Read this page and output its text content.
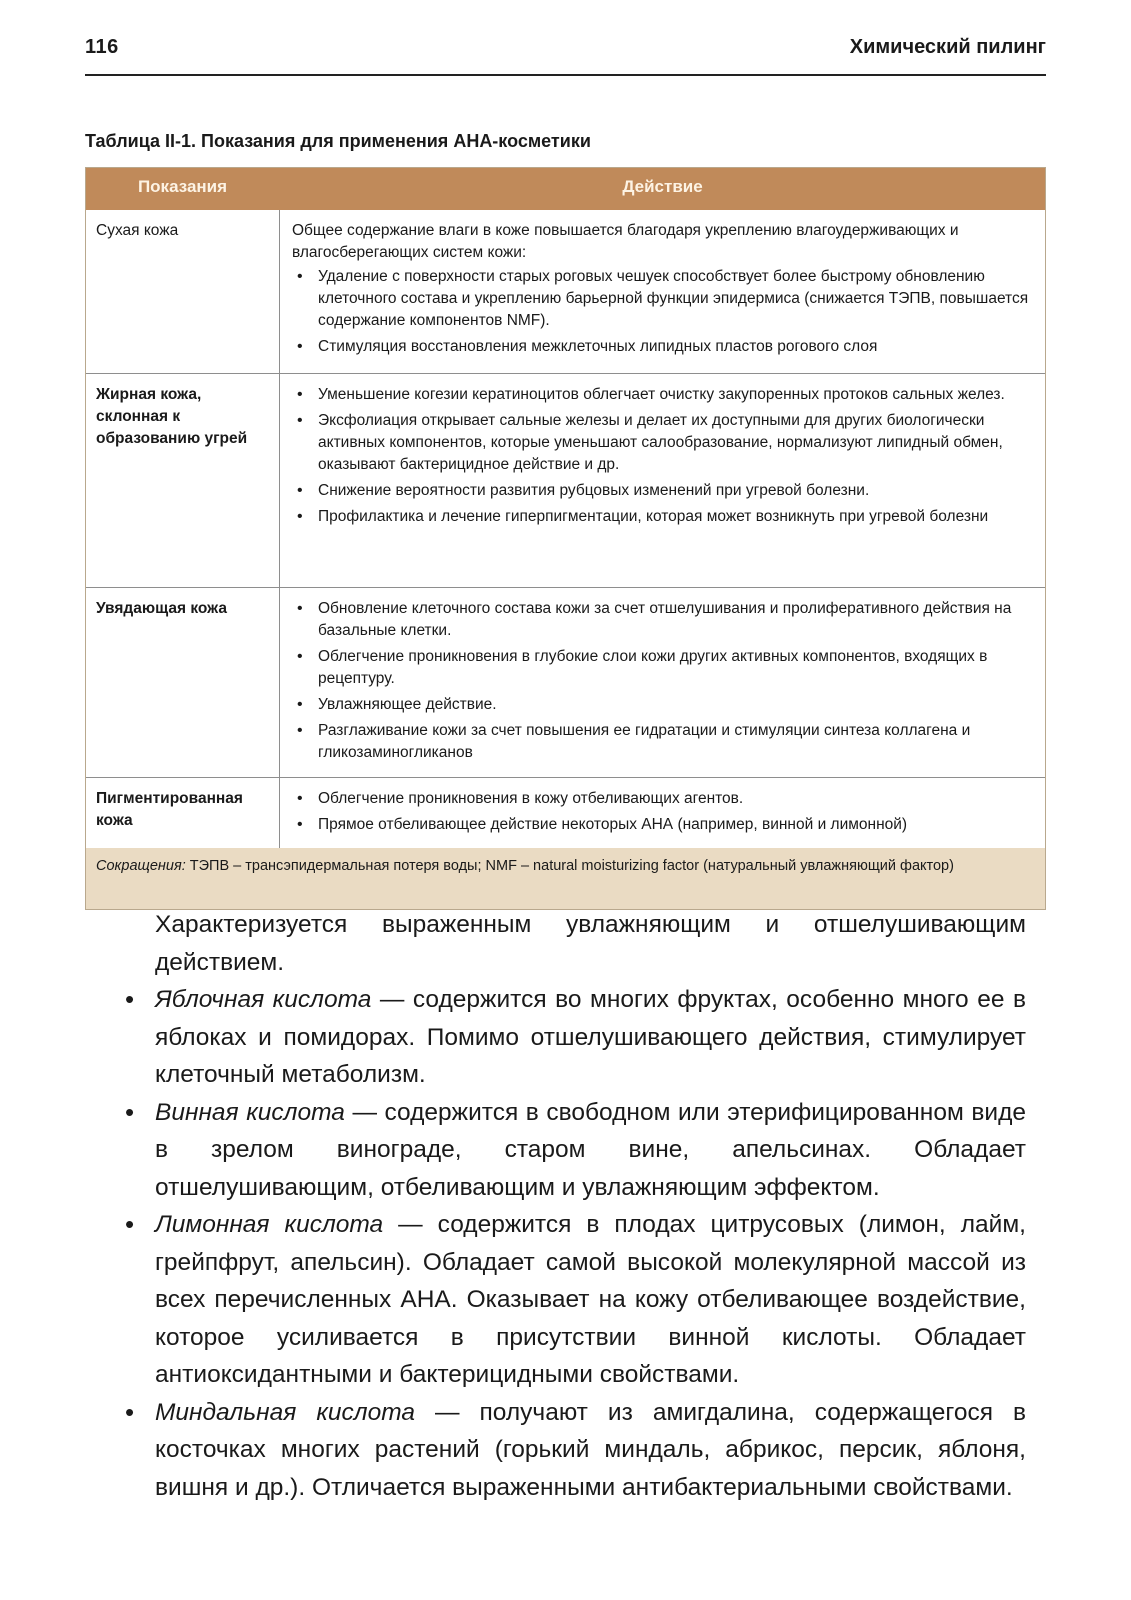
116	Химический пилинг
Таблица II-1. Показания для применения АНА-косметики
Показания	Действие
Сухая кожа	Общее содержание влаги в коже повышается благодаря укреплению влагоудерживающих и влагосберегающих систем кожи:

• Удаление с поверхности старых роговых чешуек способствует более быстрому обновлению клеточного состава и укреплению барьерной функции эпидермиса (снижается ТЭПВ, повышается содержание компонентов NMF).
• Стимуляция восстановления межклеточных липидных пластов рогового слоя
Жирная кожа, склонная к образованию угрей
• Уменьшение когезии кератиноцитов облегчает очистку закупоренных протоков сальных желез.
• Эксфолиация открывает сальные железы и делает их доступными для других биологически активных компонентов, которые уменьшают салообразование, нормализуют липидный обмен, оказывают бактерицидное действие и др.
• Снижение вероятности развития рубцовых изменений при угревой болезни.
• Профилактика и лечение гиперпигментации, которая может возникнуть при угревой болезни
Увядающая кожа
•	Обновление клеточного состава кожи за счет отшелушивания и пролиферативного действия на базальные клетки.
• Облегчение проникновения в глубокие слои кожи других активных компонентов, входящих в рецептуру.
• Увлажняющее действие.
• Разглаживание кожи за счет повышения ее гидратации и стимуляции синтеза коллагена и гликозаминогликанов
Пигментированная кожа
• Облегчение проникновения в кожу отбеливающих агентов.
• Прямое отбеливающее действие некоторых АНА (например, винной и лимонной)
Сокращения: ТЭПВ – трансэпидермальная потеря воды; NMF – natural moisturizing factor (натуральный увлажняющий фактор)

Характеризуется выраженным увлажняющим и отшелушивающим действием.

• Яблочная кислота — содержится во многих фруктах, особенно много ее в яблоках и помидорах. Помимо отшелушивающего действия, стимулирует клеточный метаболизм.
• Винная кислота — содержится в свободном или этерифицированном виде в зрелом винограде, старом вине, апельсинах. Обладает отшелушивающим, отбеливающим и увлажняющим эффектом.
• Лимонная кислота — содержится в плодах цитрусовых (лимон, лайм, грейпфрут, апельсин). Обладает самой высокой молекулярной массой из всех перечисленных АНА. Оказывает на кожу отбеливающее воздействие, которое усиливается в присутствии винной кислоты. Обладает антиоксидантными и бактерицидными свойствами.
• Миндальная кислота — получают из амигдалина, содержащегося в косточках многих растений (горький миндаль, абрикос, персик, яблоня, вишня и др.). Отличается выраженными антибактериальными свойствами.
